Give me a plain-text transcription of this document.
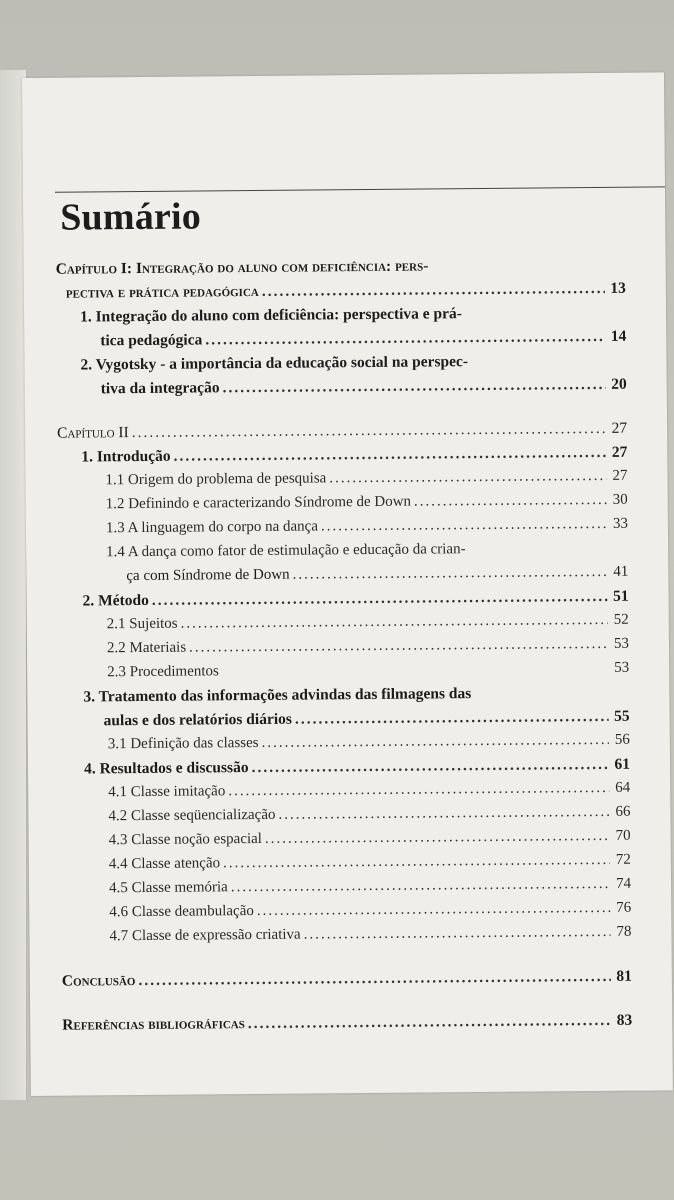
Sumário
Capítulo I: Integração do aluno com deficiência: pers-
pectiva e prática pedagógica .....	13
1. Integração do aluno com deficiência: perspectiva e prá-
tica pedagógica .....	14
2. Vygotsky - a importância da educação social na perspec-
tiva da integração .....	20
Capítulo II .....	27
1. Introdução .....	27
1.1 Origem do problema de pesquisa .....	27
1.2 Definindo e caracterizando Síndrome de Down .....	30
1.3 A linguagem do corpo na dança .....	33
1.4 A dança como fator de estimulação e educação da crian-
ça com Síndrome de Down .....	41
2. Método .....	51
2.1 Sujeitos .....	52
2.2 Materiais .....	53
2.3 Procedimentos	53
3. Tratamento das informações advindas das filmagens das
aulas e dos relatórios diários .....	55
3.1 Definição das classes .....	56
4. Resultados e discussão .....	61
4.1 Classe imitação .....	64
4.2 Classe seqüencialização .....	66
4.3 Classe noção espacial .....	70
4.4 Classe atenção .....	72
4.5 Classe memória .....	74
4.6 Classe deambulação .....	76
4.7 Classe de expressão criativa .....	78
Conclusão .....	81
Referências bibliográficas .....	83
